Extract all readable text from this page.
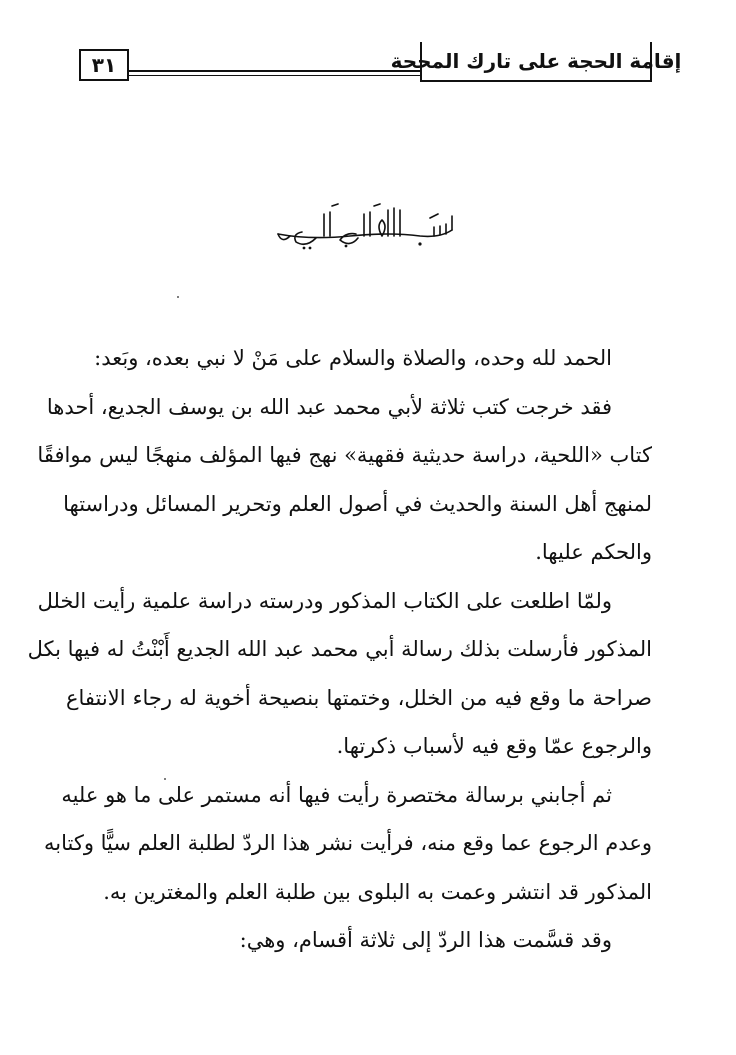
إقامة الحجة على تارك المحجة
٣١
الحمد لله وحده، والصلاة والسلام على مَنْ لا نبي بعده، وبَعد:
فقد خرجت كتب ثلاثة لأبي محمد عبد الله بن يوسف الجديع، أحدها
كتاب «اللحية، دراسة حديثية فقهية» نهج فيها المؤلف منهجًا ليس موافقًا
لمنهج أهل السنة والحديث في أصول العلم وتحرير المسائل ودراستها
والحكم عليها.
ولمّا اطلعت على الكتاب المذكور ودرسته دراسة علمية رأيت الخلل
المذكور فأرسلت بذلك رسالة أبي محمد عبد الله الجديع أَبْنْتُ له فيها بكل
صراحة ما وقع فيه من الخلل، وختمتها بنصيحة أخوية له رجاء الانتفاع
والرجوع عمّا وقع فيه لأسباب ذكرتها.
ثم أجابني برسالة مختصرة رأيت فيها أنه مستمر على ما هو عليه
وعدم الرجوع عما وقع منه، فرأيت نشر هذا الردّ لطلبة العلم سيًّا وكتابه
المذكور قد انتشر وعمت به البلوى بين طلبة العلم والمغترين به.
وقد قسَّمت هذا الردّ إلى ثلاثة أقسام، وهي:
